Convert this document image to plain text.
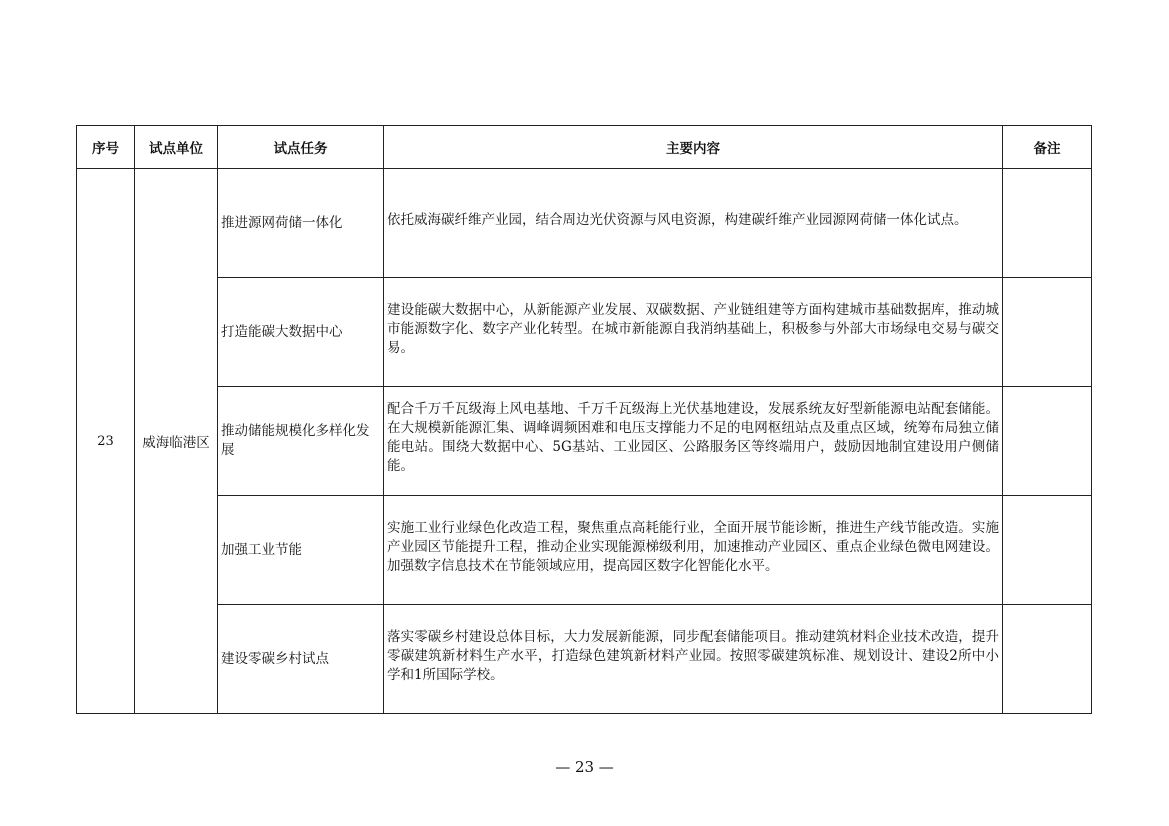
序号	试点单位	试点任务	主要内容	备注
23	威海临港区	推进源网荷储一体化	依托威海碳纤维产业园，结合周边光伏资源与风电资源，构建碳纤维产业园源网荷储一体化试点。	
		打造能碳大数据中心	建设能碳大数据中心，从新能源产业发展、双碳数据、产业链组建等方面构建城市基础数据库，推动城市能源数字化、数字产业化转型。在城市新能源自我消纳基础上，积极参与外部大市场绿电交易与碳交易。	
		推动储能规模化多样化发展	配合千万千瓦级海上风电基地、千万千瓦级海上光伏基地建设，发展系统友好型新能源电站配套储能。在大规模新能源汇集、调峰调频困难和电压支撑能力不足的电网枢纽站点及重点区域，统筹布局独立储能电站。围绕大数据中心、5G基站、工业园区、公路服务区等终端用户，鼓励因地制宜建设用户侧储能。	
		加强工业节能	实施工业行业绿色化改造工程，聚焦重点高耗能行业，全面开展节能诊断，推进生产线节能改造。实施产业园区节能提升工程，推动企业实现能源梯级利用，加速推动产业园区、重点企业绿色微电网建设。加强数字信息技术在节能领域应用，提高园区数字化智能化水平。	
		建设零碳乡村试点	落实零碳乡村建设总体目标，大力发展新能源，同步配套储能项目。推动建筑材料企业技术改造，提升零碳建筑新材料生产水平，打造绿色建筑新材料产业园。按照零碳建筑标准、规划设计、建设2所中小学和1所国际学校。	
— 23 —
